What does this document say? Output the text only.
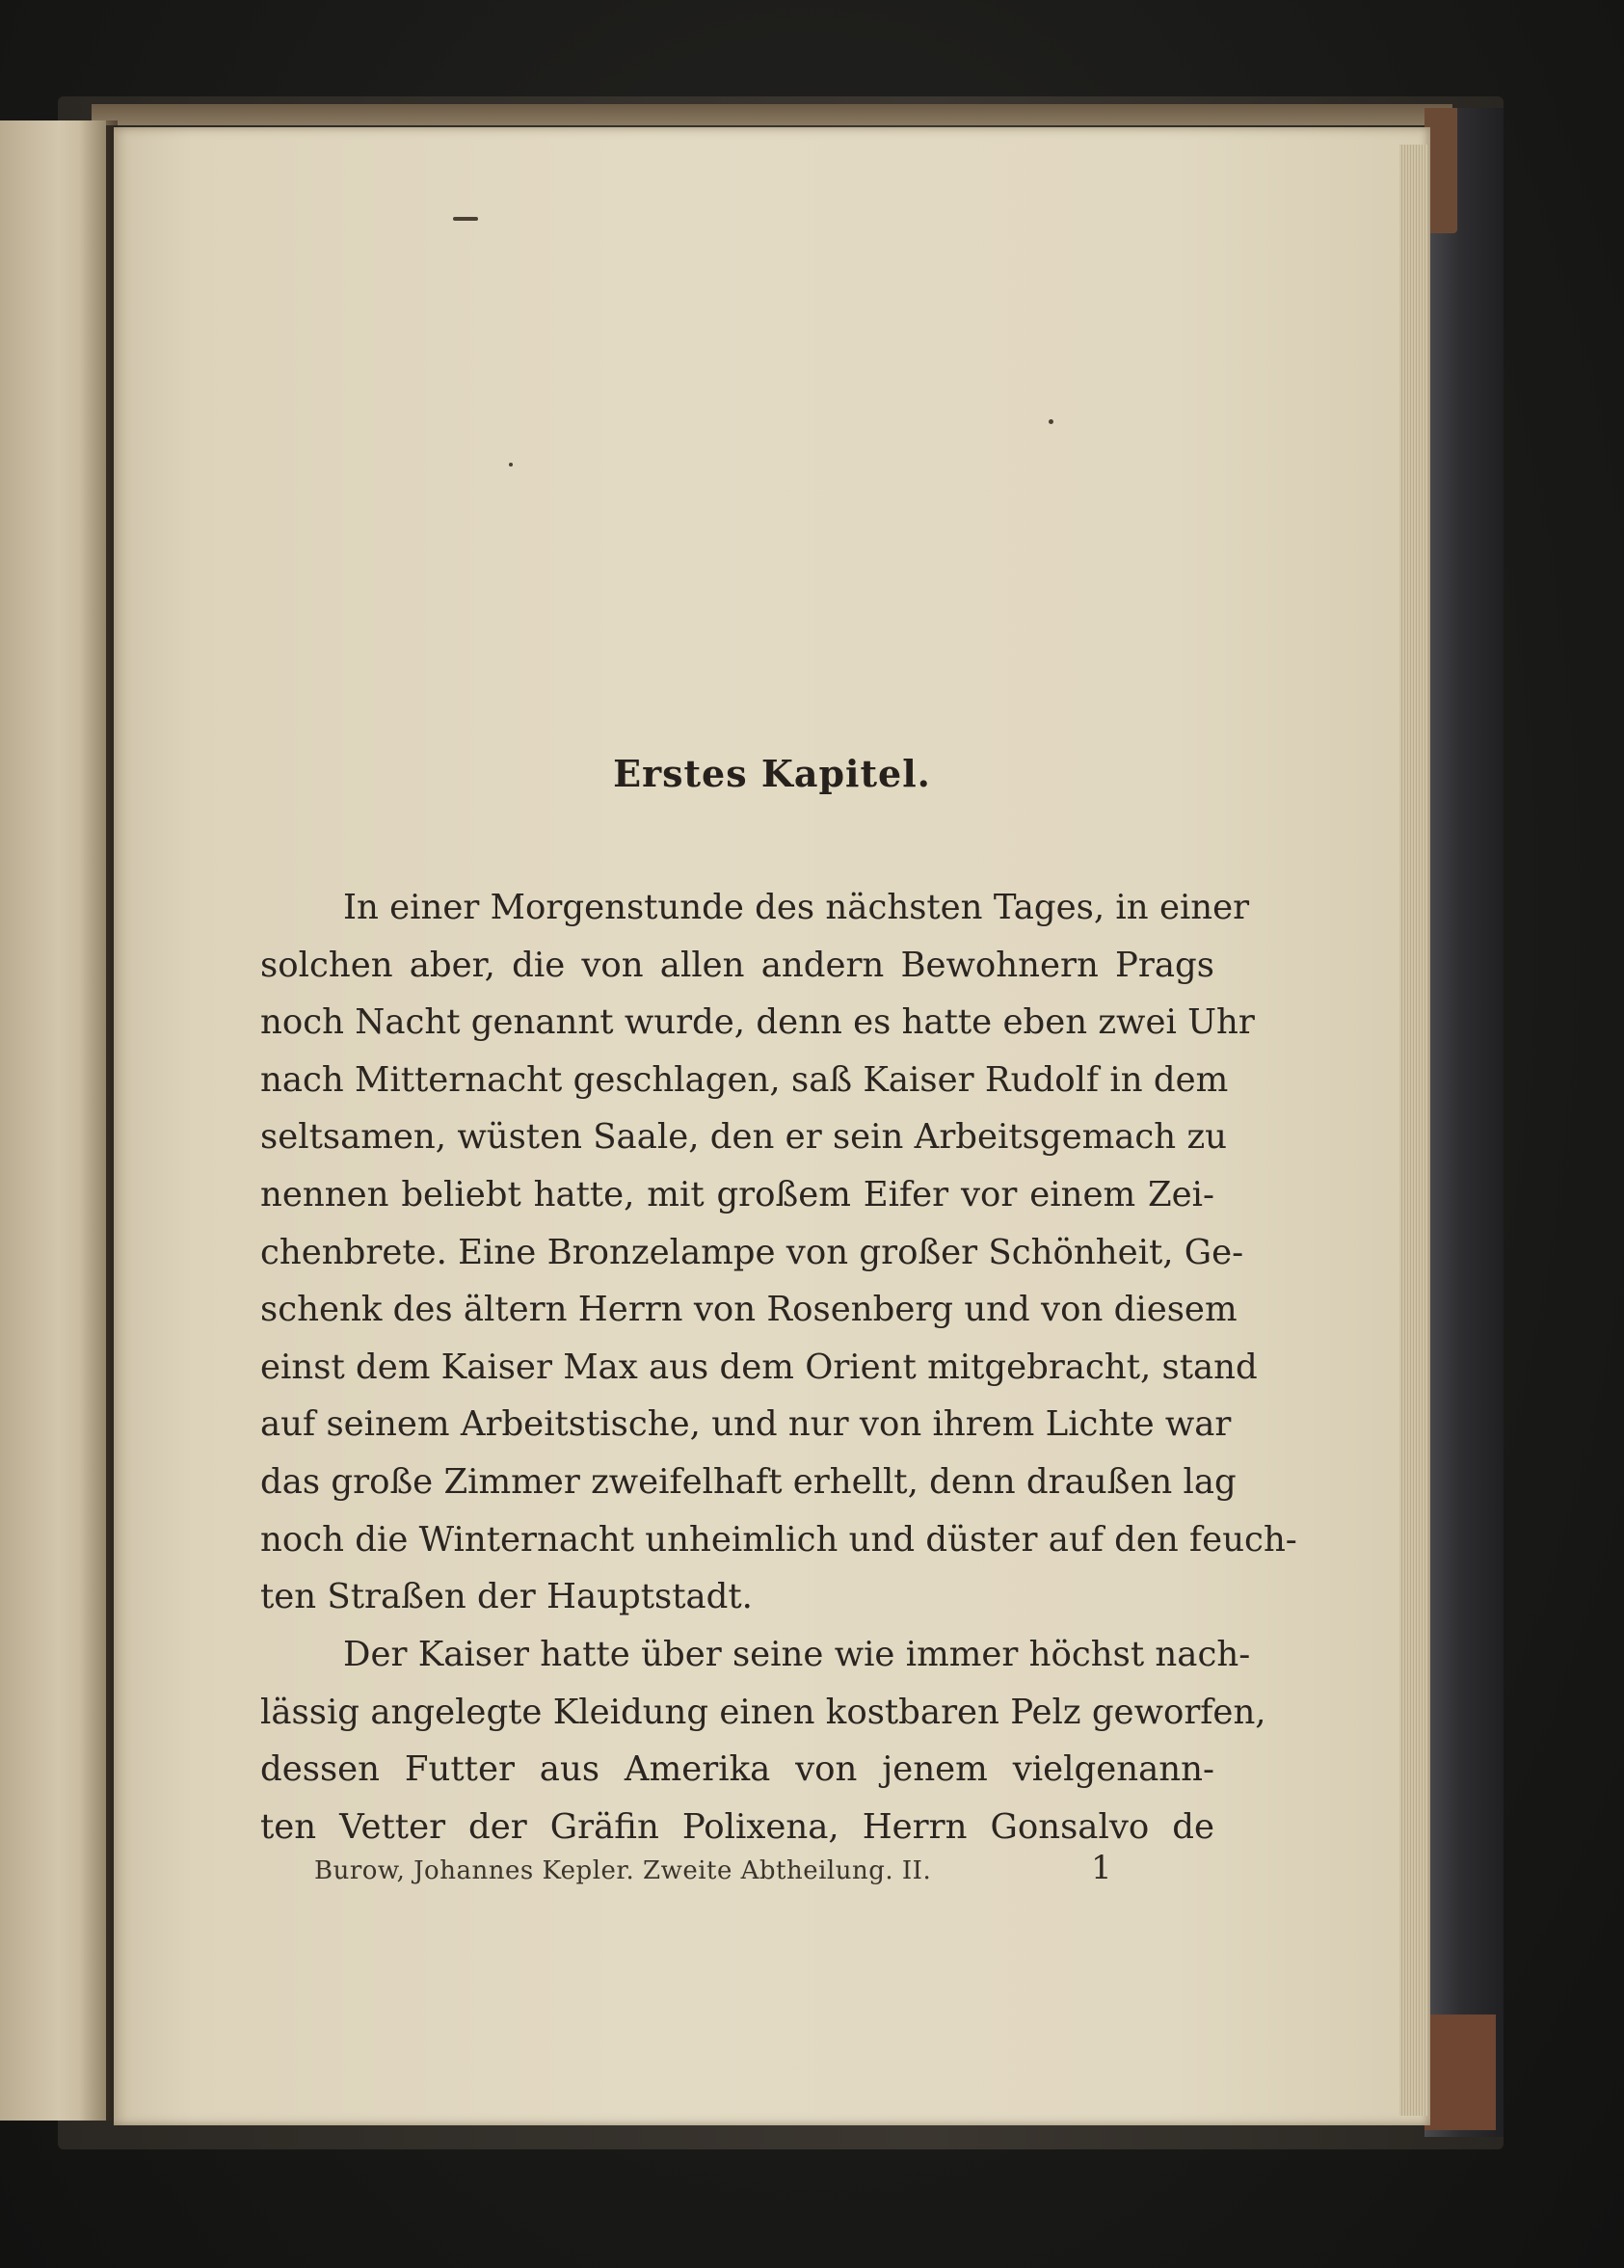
Erstes Kapitel.
In einer Morgenstunde des nächsten Tages, in einer
solchen aber, die von allen andern Bewohnern Prags
noch Nacht genannt wurde, denn es hatte eben zwei Uhr
nach Mitternacht geschlagen, saß Kaiser Rudolf in dem
seltsamen, wüsten Saale, den er sein Arbeitsgemach zu
nennen beliebt hatte, mit großem Eifer vor einem Zei-
chenbrete. Eine Bronzelampe von großer Schönheit, Ge-
schenk des ältern Herrn von Rosenberg und von diesem
einst dem Kaiser Max aus dem Orient mitgebracht, stand
auf seinem Arbeitstische, und nur von ihrem Lichte war
das große Zimmer zweifelhaft erhellt, denn draußen lag
noch die Winternacht unheimlich und düster auf den feuch-
ten Straßen der Hauptstadt.
Der Kaiser hatte über seine wie immer höchst nach-
lässig angelegte Kleidung einen kostbaren Pelz geworfen,
dessen Futter aus Amerika von jenem vielgenann-
ten Vetter der Gräfin Polixena, Herrn Gonsalvo de
Burow, Johannes Kepler. Zweite Abtheilung. II.	1
